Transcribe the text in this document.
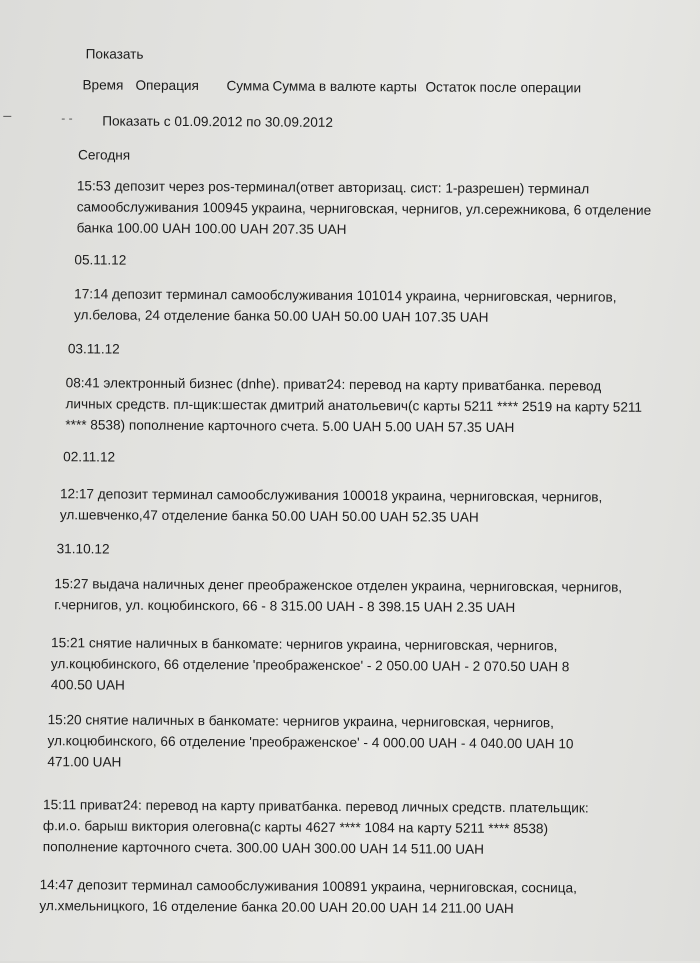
Показать
Время Операция Сумма Сумма в валюте карты Остаток после операции
- - Показать с 01.09.2012 по 30.09.2012
Сегодня
15:53 депозит через pos-терминал(ответ авторизац. сист: 1-разрешен) терминал
самообслуживания 100945 украина, черниговская, чернигов, ул.сережникова, 6 отделение
банка 100.00 UAH 100.00 UAH 207.35 UAH
05.11.12
17:14 депозит терминал самообслуживания 101014 украина, черниговская, чернигов,
ул.белова, 24 отделение банка 50.00 UAH 50.00 UAH 107.35 UAH
03.11.12
08:41 электронный бизнес (dnhe). приват24: перевод на карту приватбанка. перевод
личных средств. пл-щик:шестак дмитрий анатольевич(с карты 5211 **** 2519 на карту 5211
**** 8538) пополнение карточного счета. 5.00 UAH 5.00 UAH 57.35 UAH
02.11.12
12:17 депозит терминал самообслуживания 100018 украина, черниговская, чернигов,
ул.шевченко,47 отделение банка 50.00 UAH 50.00 UAH 52.35 UAH
31.10.12
15:27 выдача наличных денег преображенское отделен украина, черниговская, чернигов,
г.чернигов, ул. коцюбинского, 66 - 8 315.00 UAH - 8 398.15 UAH 2.35 UAH
15:21 снятие наличных в банкомате: чернигов украина, черниговская, чернигов,
ул.коцюбинского, 66 отделение 'преображенское' - 2 050.00 UAH - 2 070.50 UAH 8
400.50 UAH
15:20 снятие наличных в банкомате: чернигов украина, черниговская, чернигов,
ул.коцюбинского, 66 отделение 'преображенское' - 4 000.00 UAH - 4 040.00 UAH 10
471.00 UAH
15:11 приват24: перевод на карту приватбанка. перевод личных средств. плательщик:
ф.и.о. барыш виктория олеговна(с карты 4627 **** 1084 на карту 5211 **** 8538)
пополнение карточного счета. 300.00 UAH 300.00 UAH 14 511.00 UAH
14:47 депозит терминал самообслуживания 100891 украина, черниговская, сосница,
ул.хмельницкого, 16 отделение банка 20.00 UAH 20.00 UAH 14 211.00 UAH
